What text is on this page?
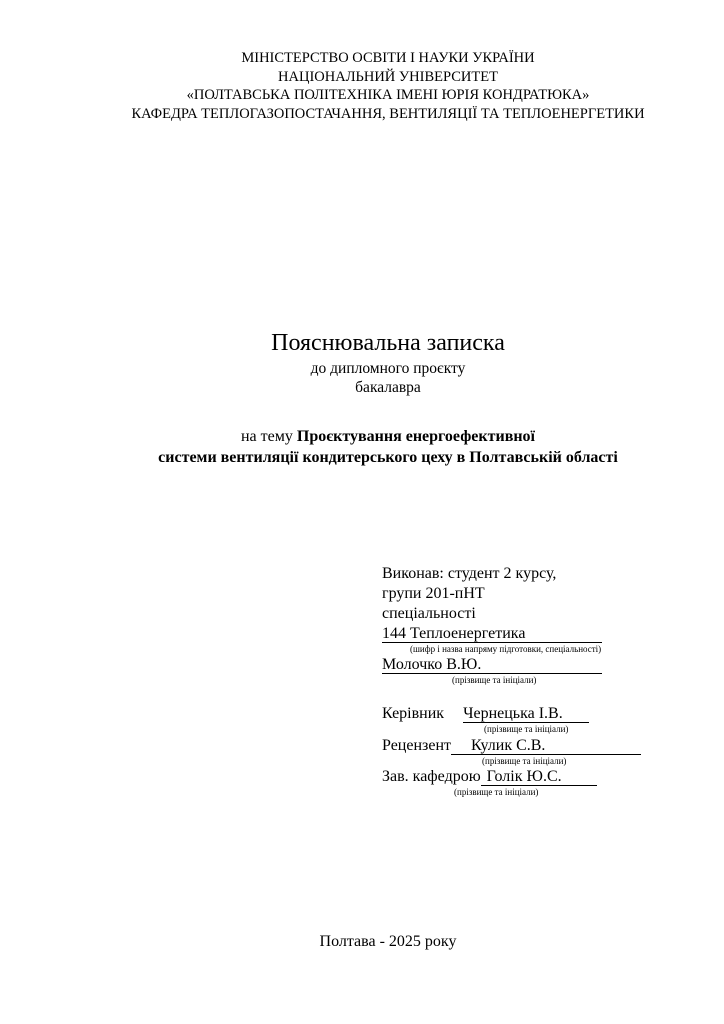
МІНІСТЕРСТВО ОСВІТИ І НАУКИ УКРАЇНИ
НАЦІОНАЛЬНИЙ УНІВЕРСИТЕТ
«ПОЛТАВСЬКА ПОЛІТЕХНІКА ІМЕНІ ЮРІЯ КОНДРАТЮКА»
КАФЕДРА ТЕПЛОГАЗОПОСТАЧАННЯ, ВЕНТИЛЯЦІЇ ТА ТЕПЛОЕНЕРГЕТИКИ
Пояснювальна записка
до дипломного проєкту
бакалавра
на тему Проєктування енергоефективної
системи вентиляції кондитерського цеху в Полтавській області
Виконав: студент 2 курсу,
групи 201-пНТ
спеціальності
144 Теплоенергетика
(шифр і назва напряму підготовки, спеціальності)
Молочко В.Ю.
(прізвище та ініціали)
Керівник Чернецька І.В.
(прізвище та ініціали)
Рецензент Кулик С.В.
(прізвище та ініціали)
Зав. кафедрою Голік Ю.С.
(прізвище та ініціали)
Полтава - 2025 року
